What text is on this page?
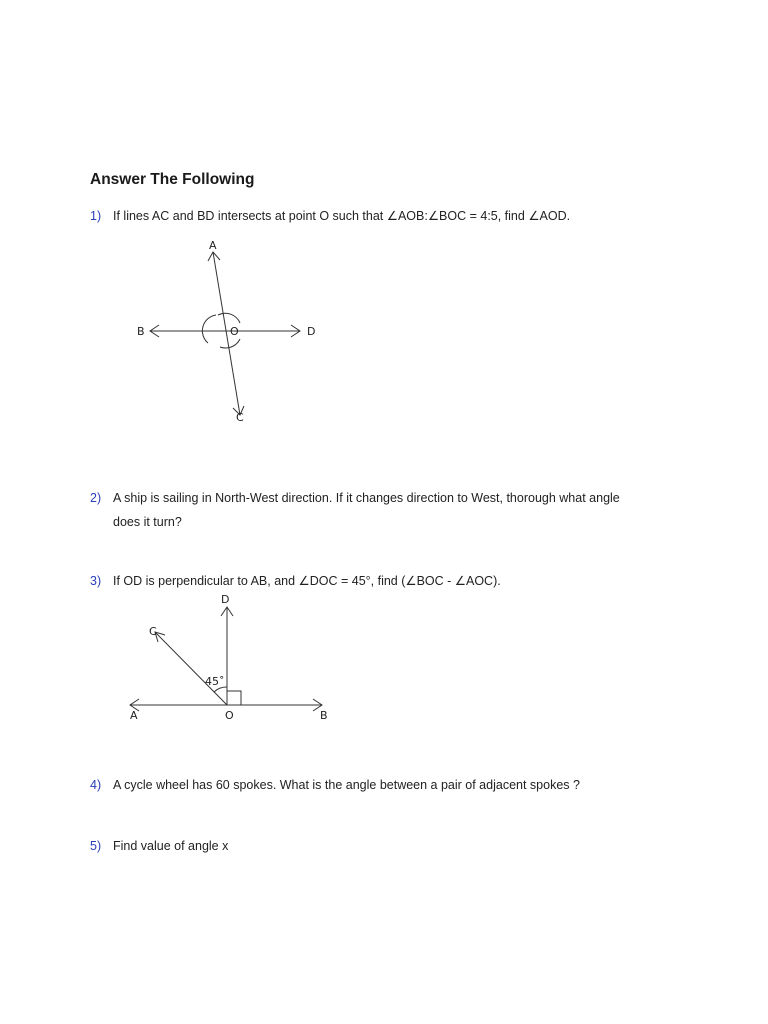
Answer The Following
1) If lines AC and BD intersects at point O such that ∠AOB:∠BOC = 4:5, find ∠AOD.
A
B
C
D
O
2) A ship is sailing in North-West direction. If it changes direction to West, thorough what angle
does it turn?
3) If OD is perpendicular to AB, and ∠DOC = 45°, find (∠BOC - ∠AOC).
45˚
A	B
C
D
O
4) A cycle wheel has 60 spokes. What is the angle between a pair of adjacent spokes ?
5) Find value of angle x
